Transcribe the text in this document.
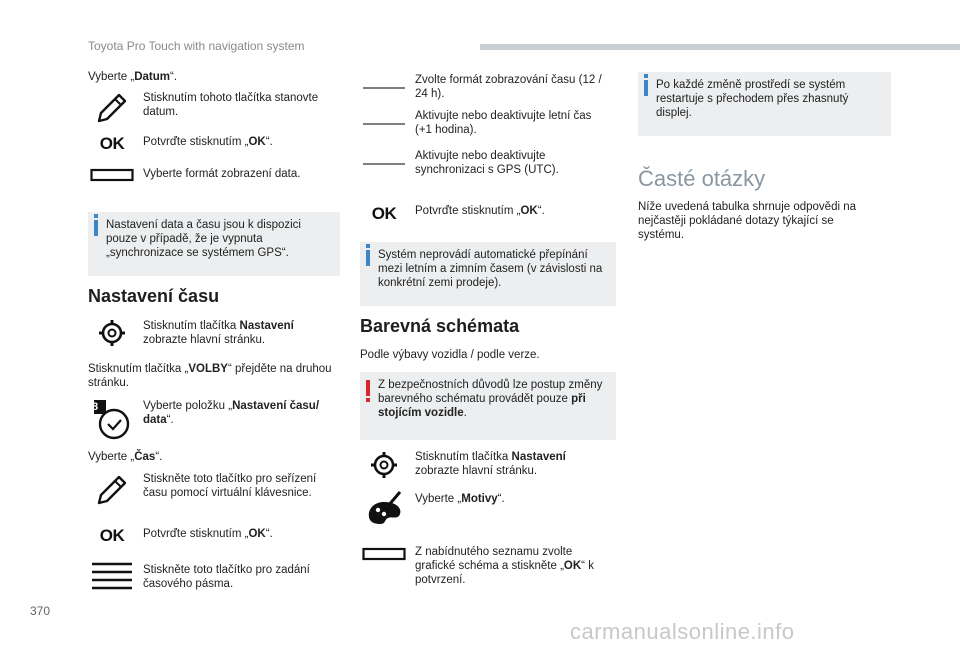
Toyota Pro Touch with navigation system
Vyberte „Datum“.
Stisknutím tohoto tlačítka stanovte datum.
OK	Potvrďte stisknutím „OK“.
Vyberte formát zobrazení data.
Nastavení data a času jsou k dispozici pouze v případě, že je vypnuta „synchronizace se systémem GPS“.
Nastavení času
Stisknutím tlačítka Nastavení zobrazte hlavní stránku.
Stisknutím tlačítka „VOLBY“ přejděte na druhou stránku.
8	Vyberte položku „Nastavení času/ data“.
Vyberte „Čas“.
Stiskněte toto tlačítko pro seřízení času pomocí virtuální klávesnice.
OK	Potvrďte stisknutím „OK“.
Stiskněte toto tlačítko pro zadání časového pásma.
Zvolte formát zobrazování času (12 / 24 h).
Aktivujte nebo deaktivujte letní čas (+1 hodina).
Aktivujte nebo deaktivujte synchronizaci s GPS (UTC).
OK	Potvrďte stisknutím „OK“.
Systém neprovádí automatické přepínání mezi letním a zimním časem (v závislosti na konkrétní zemi prodeje).
Barevná schémata
Podle výbavy vozidla / podle verze.
Z bezpečnostních důvodů lze postup změny barevného schématu provádět pouze při stojícím vozidle.
Stisknutím tlačítka Nastavení zobrazte hlavní stránku.
Vyberte „Motivy“.
Z nabídnutého seznamu zvolte grafické schéma a stiskněte „OK“ k potvrzení.
Po každé změně prostředí se systém restartuje s přechodem přes zhasnutý displej.
Časté otázky
Níže uvedená tabulka shrnuje odpovědi na nejčastěji pokládané dotazy týkající se systému.
370
carmanualsonline.info
